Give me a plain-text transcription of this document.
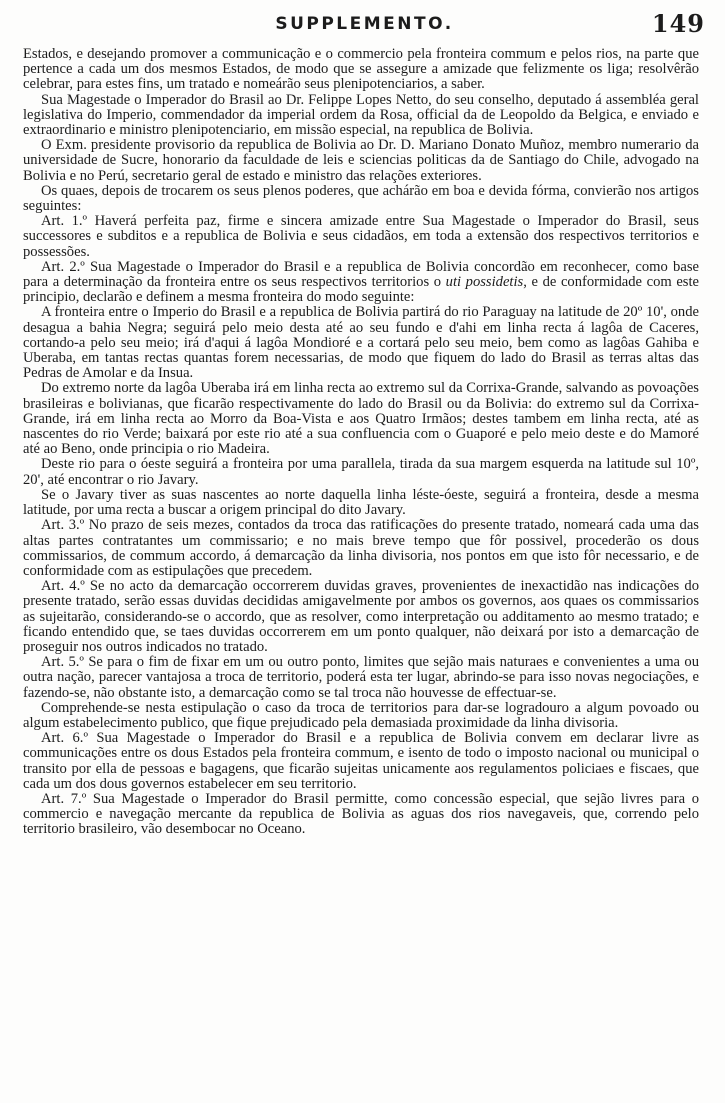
SUPPLEMENTO.	149

Estados, e desejando promover a communicação e o commercio pela fronteira commum e pelos rios, na parte que pertence a cada um dos mesmos Estados, de modo que se assegure a amizade que felizmente os liga; resolvêrão celebrar, para estes fins, um tratado e nomeárão seus plenipotenciarios, a saber.

Sua Magestade o Imperador do Brasil ao Dr. Felippe Lopes Netto, do seu conselho, deputado á assembléa geral legislativa do Imperio, commendador da imperial ordem da Rosa, official da de Leopoldo da Belgica, e enviado e extraordinario e ministro plenipotenciario, em missão especial, na republica de Bolivia.

O Exm. presidente provisorio da republica de Bolivia ao Dr. D. Mariano Donato Muñoz, membro numerario da universidade de Sucre, honorario da faculdade de leis e sciencias politicas da de Santiago do Chile, advogado na Bolivia e no Perú, secretario geral de estado e ministro das relações exteriores.

Os quaes, depois de trocarem os seus plenos poderes, que achárão em boa e devida fórma, convierão nos artigos seguintes:

Art. 1.º Haverá perfeita paz, firme e sincera amizade entre Sua Magestade o Imperador do Brasil, seus successores e subditos e a republica de Bolivia e seus cidadãos, em toda a extensão dos respectivos territorios e possessões.

Art. 2.º Sua Magestade o Imperador do Brasil e a republica de Bolivia concordão em reconhecer, como base para a determinação da fronteira entre os seus respectivos territorios o uti possidetis, e de conformidade com este principio, declarão e definem a mesma fronteira do modo seguinte:

A fronteira entre o Imperio do Brasil e a republica de Bolivia partirá do rio Paraguay na latitude de 20º 10', onde desagua a bahia Negra; seguirá pelo meio desta até ao seu fundo e d'ahi em linha recta á lagôa de Caceres, cortando-a pelo seu meio; irá d'aqui á lagôa Mondioré e a cortará pelo seu meio, bem como as lagôas Gahiba e Uberaba, em tantas rectas quantas forem necessarias, de modo que fiquem do lado do Brasil as terras altas das Pedras de Amolar e da Insua.

Do extremo norte da lagôa Uberaba irá em linha recta ao extremo sul da Corrixa-Grande, salvando as povoações brasileiras e bolivianas, que ficarão respectivamente do lado do Brasil ou da Bolivia: do extremo sul da Corrixa-Grande, irá em linha recta ao Morro da Boa-Vista e aos Quatro Irmãos; destes tambem em linha recta, até as nascentes do rio Verde; baixará por este rio até a sua confluencia com o Guaporé e pelo meio deste e do Mamoré até ao Beno, onde principia o rio Madeira.

Deste rio para o óeste seguirá a fronteira por uma parallela, tirada da sua margem esquerda na latitude sul 10º, 20', até encontrar o rio Javary.

Se o Javary tiver as suas nascentes ao norte daquella linha léste-óeste, seguirá a fronteira, desde a mesma latitude, por uma recta a buscar a origem principal do dito Javary.

Art. 3.º No prazo de seis mezes, contados da troca das ratificações do presente tratado, nomeará cada uma das altas partes contratantes um commissario; e no mais breve tempo que fôr possivel, procederão os dous commissarios, de commum accordo, á demarcação da linha divisoria, nos pontos em que isto fôr necessario, e de conformidade com as estipulações que precedem.

Art. 4.º Se no acto da demarcação occorrerem duvidas graves, provenientes de inexactidão nas indicações do presente tratado, serão essas duvidas decididas amigavelmente por ambos os governos, aos quaes os commissarios as sujeitarão, considerando-se o accordo, que as resolver, como interpretação ou additamento ao mesmo tratado; e ficando entendido que, se taes duvidas occorrerem em um ponto qualquer, não deixará por isto a demarcação de proseguir nos outros indicados no tratado.

Art. 5.º Se para o fim de fixar em um ou outro ponto, limites que sejão mais naturaes e convenientes a uma ou outra nação, parecer vantajosa a troca de territorio, poderá esta ter lugar, abrindo-se para isso novas negociações, e fazendo-se, não obstante isto, a demarcação como se tal troca não houvesse de effectuar-se.

Comprehende-se nesta estipulação o caso da troca de territorios para dar-se logradouro a algum povoado ou algum estabelecimento publico, que fique prejudicado pela demasiada proximidade da linha divisoria.

Art. 6.º Sua Magestade o Imperador do Brasil e a republica de Bolivia convem em declarar livre as communicações entre os dous Estados pela fronteira commum, e isento de todo o imposto nacional ou municipal o transito por ella de pessoas e bagagens, que ficarão sujeitas unicamente aos regulamentos policiaes e fiscaes, que cada um dos dous governos estabelecer em seu territorio.

Art. 7.º Sua Magestade o Imperador do Brasil permitte, como concessão especial, que sejão livres para o commercio e navegação mercante da republica de Bolivia as aguas dos rios navegaveis, que, correndo pelo territorio brasileiro, vão desembocar no Oceano.
